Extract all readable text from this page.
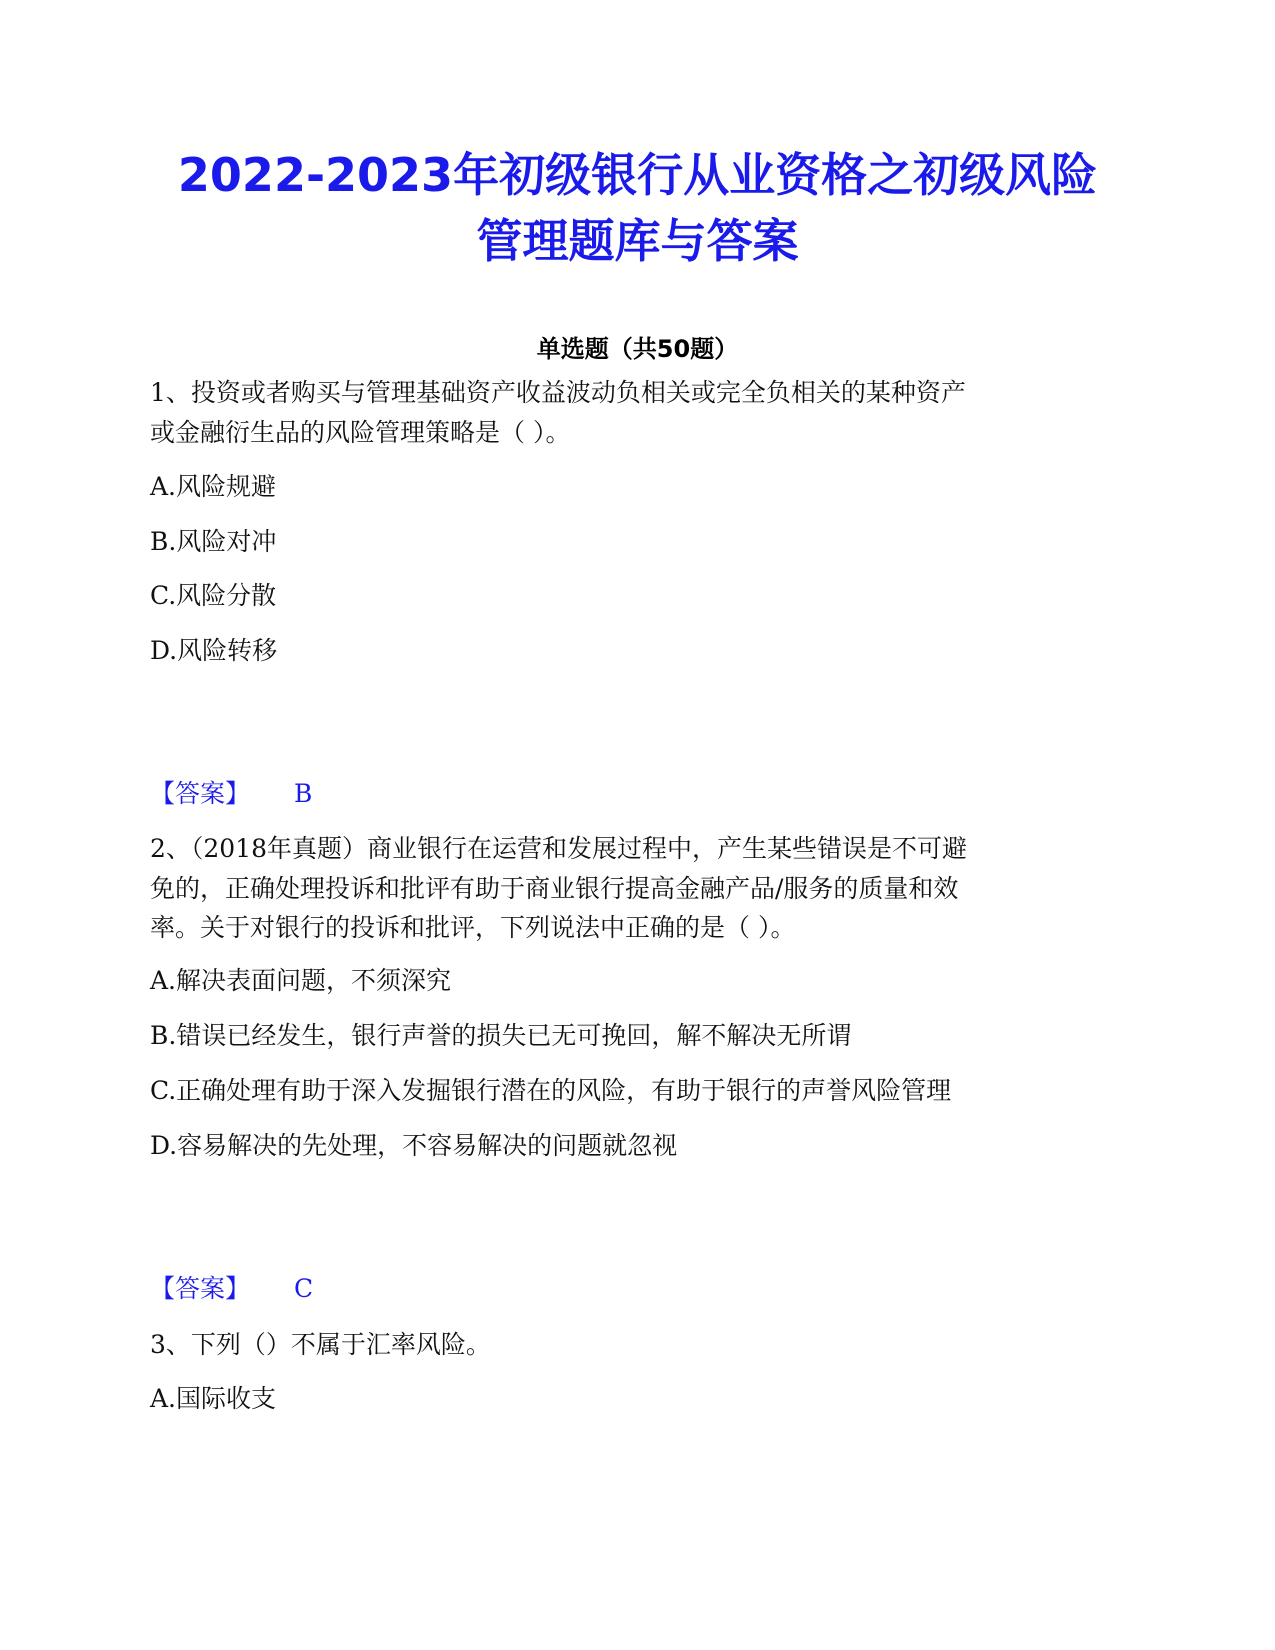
2022-2023年初级银行从业资格之初级风险
管理题库与答案
单选题（共50题）
1、投资或者购买与管理基础资产收益波动负相关或完全负相关的某种资产
或金融衍生品的风险管理策略是（ ）。
A.风险规避
B.风险对冲
C.风险分散
D.风险转移
【答案】 B
2、（2018年真题）商业银行在运营和发展过程中，产生某些错误是不可避
免的，正确处理投诉和批评有助于商业银行提高金融产品/服务的质量和效
率。关于对银行的投诉和批评，下列说法中正确的是（ ）。
A.解决表面问题，不须深究
B.错误已经发生，银行声誉的损失已无可挽回，解不解决无所谓
C.正确处理有助于深入发掘银行潜在的风险，有助于银行的声誉风险管理
D.容易解决的先处理，不容易解决的问题就忽视
【答案】 C
3、下列（）不属于汇率风险。
A.国际收支
